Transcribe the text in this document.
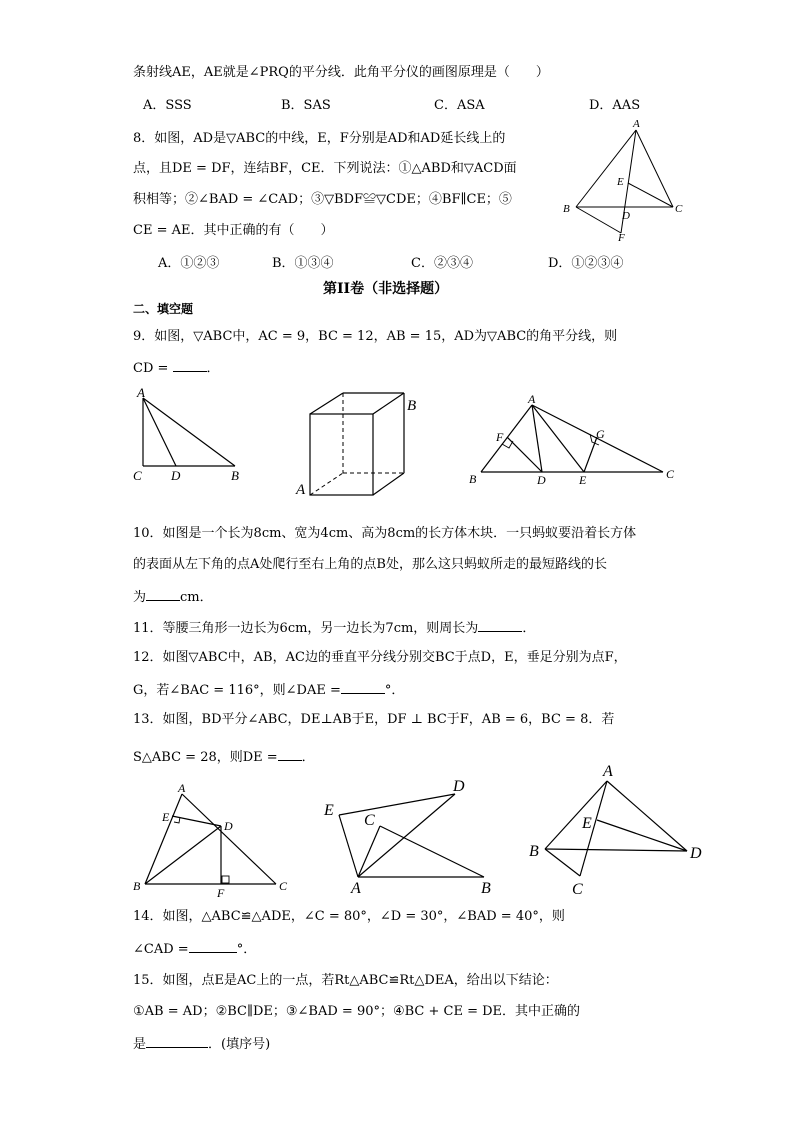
条射线AE，AE就是∠PRQ的平分线．此角平分仪的画图原理是（　　）
A．SSS	B．SAS	C．ASA	D．AAS
8．如图，AD是▽ABC的中线，E，F分别是AD和AD延长线上的
点，且DE = DF，连结BF，CE．下列说法：①△ABD和▽ACD面
积相等；②∠BAD = ∠CAD；③▽BDF≌▽CDE；④BF∥CE；⑤
CE = AE．其中正确的有（　　）
A．①②③	B．①③④	C．②③④	D．①②③④
A
E
B
D
C
F
第II卷（非选择题）
二、填空题
9．如图，▽ABC中，AC = 9，BC = 12，AB = 15，AD为▽ABC的角平分线，则
CD =	．
A
C D	B
B
A
A
F	G
B	D	E	C
10．如图是一个长为8cm、宽为4cm、高为8cm的长方体木块．一只蚂蚁要沿着长方体
的表面从左下角的点A处爬行至右上角的点B处，那么这只蚂蚁所走的最短路线的长
为	cm．
11．等腰三角形一边长为6cm，另一边长为7cm，则周长为	．
12．如图▽ABC中，AB，AC边的垂直平分线分别交BC于点D，E，垂足分别为点F，
G，若∠BAC = 116°，则∠DAE =	°．
13．如图，BD平分∠ABC，DE⊥AB于E，DF ⊥ BC于F，AB = 6，BC = 8．若
S△ABC = 28，则DE = ．
A
E
D
B	F	C
D
E
C
A	B
A
E
B	D
C
14．如图，△ABC≌△ADE，∠C = 80°，∠D = 30°，∠BAD = 40°，则
∠CAD =	°．
15．如图，点E是AC上的一点，若Rt△ABC≌Rt△DEA，给出以下结论：
①AB = AD；②BC∥DE；③∠BAD = 90°；④BC + CE = DE．其中正确的
是	．(填序号)
